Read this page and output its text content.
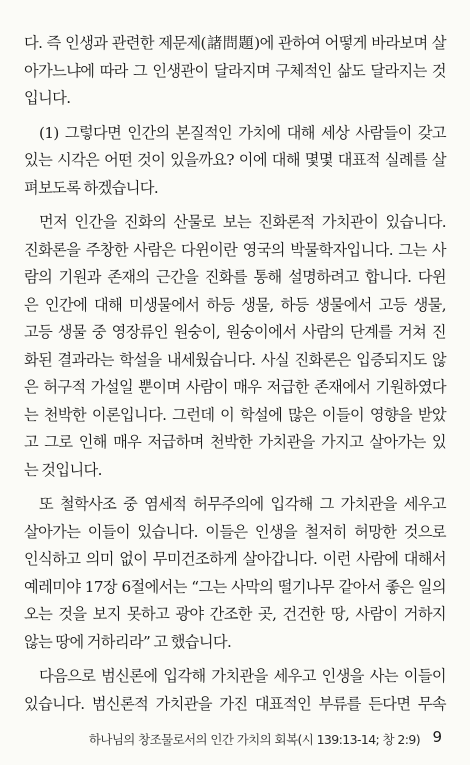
다. 즉 인생과 관련한 제문제(諸問題)에 관하여 어떻게 바라보며 살
아가느냐에 따라 그 인생관이 달라지며 구체적인 삶도 달라지는 것
입니다.
(1) 그렇다면 인간의 본질적인 가치에 대해 세상 사람들이 갖고
있는 시각은 어떤 것이 있을까요? 이에 대해 몇몇 대표적 실례를 살
펴보도록 하겠습니다.
먼저 인간을 진화의 산물로 보는 진화론적 가치관이 있습니다.
진화론을 주창한 사람은 다윈이란 영국의 박물학자입니다. 그는 사
람의 기원과 존재의 근간을 진화를 통해 설명하려고 합니다. 다윈
은 인간에 대해 미생물에서 하등 생물, 하등 생물에서 고등 생물,
고등 생물 중 영장류인 원숭이, 원숭이에서 사람의 단계를 거쳐 진
화된 결과라는 학설을 내세웠습니다. 사실 진화론은 입증되지도 않
은 허구적 가설일 뿐이며 사람이 매우 저급한 존재에서 기원하였다
는 천박한 이론입니다. 그런데 이 학설에 많은 이들이 영향을 받았
고 그로 인해 매우 저급하며 천박한 가치관을 가지고 살아가는 있
는 것입니다.
또 철학사조 중 염세적 허무주의에 입각해 그 가치관을 세우고
살아가는 이들이 있습니다. 이들은 인생을 철저히 허망한 것으로
인식하고 의미 없이 무미건조하게 살아갑니다. 이런 사람에 대해서
예레미야 17장 6절에서는 “그는 사막의 떨기나무 같아서 좋은 일의
오는 것을 보지 못하고 광야 간조한 곳, 건건한 땅, 사람이 거하지
않는 땅에 거하리라” 고 했습니다.
다음으로 범신론에 입각해 가치관을 세우고 인생을 사는 이들이
있습니다. 범신론적 가치관을 가진 대표적인 부류를 든다면 무속
하나님의 창조물로서의 인간 가치의 회복(시 139:13-14; 창 2:9) 9
